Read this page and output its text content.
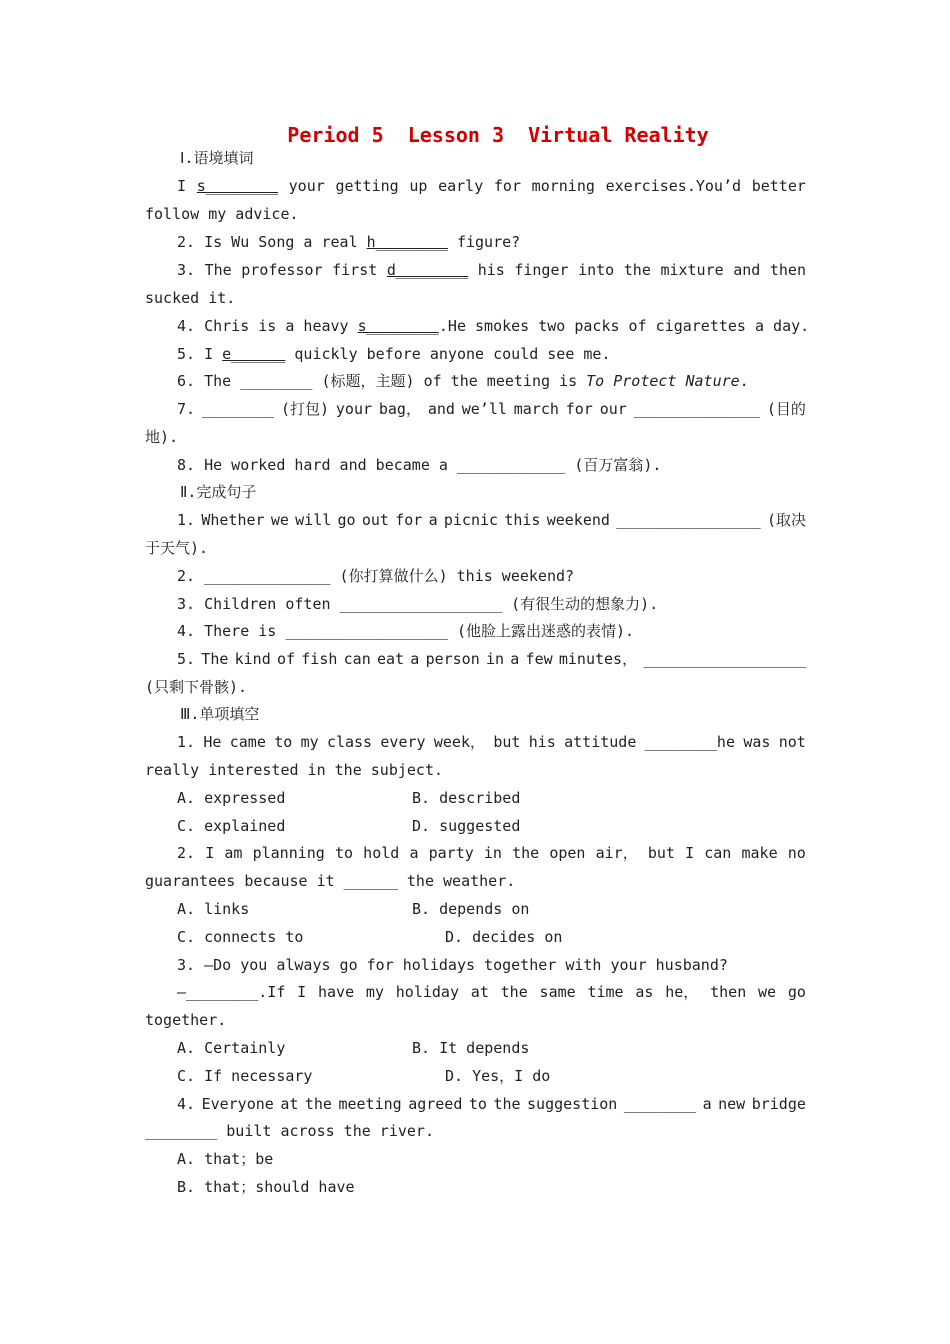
Period 5  Lesson 3  Virtual Reality
Ⅰ.语境填词
I s________ your getting up early for morning exercises.You’d better
follow my advice.
2. Is Wu Song a real h________ figure?
3. The professor first d________ his finger into the mixture and then
sucked it.
4. Chris is a heavy s________.He smokes two packs of cigarettes a day.
5. I e______ quickly before anyone could see me.
6. The ________ (标题，主题) of the meeting is To Protect Nature.
7. ________ (打包) your bag， and we’ll march for our ______________ (目的
地).
8. He worked hard and became a ____________ (百万富翁).
Ⅱ.完成句子
1. Whether we will go out for a picnic this weekend ________________ (取决
于天气).
2. ______________ (你打算做什么) this weekend?
3. Children often __________________ (有很生动的想象力).
4. There is __________________ (他脸上露出迷惑的表情).
5. The kind of fish can eat a person in a few minutes， __________________
(只剩下骨骸).
Ⅲ.单项填空
1. He came to my class every week， but his attitude ________he was not
really interested in the subject.
A. expressed	B. described
C. explained	D. suggested
2. I am planning to hold a party in the open air， but I can make no
guarantees because it ______ the weather.
A. links	B. depends on
C. connects to	D. decides on
3. —Do you always go for holidays together with your husband?
—________.If I have my holiday at the same time as he， then we go
together.
A. Certainly	B. It depends
C. If necessary	D. Yes，I do
4. Everyone at the meeting agreed to the suggestion ________ a new bridge
________ built across the river.
A. that；be
B. that；should have
